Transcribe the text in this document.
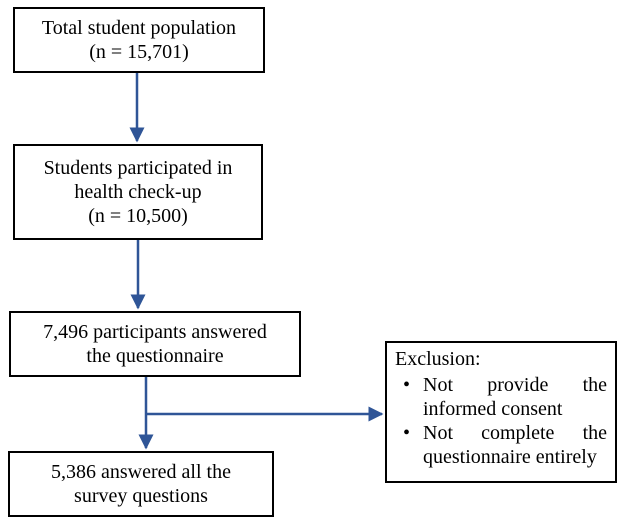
Total student population
(n = 15,701)
Students participated in
health check-up
(n = 10,500)
7,496 participants answered
the questionnaire
5,386 answered all the
survey questions
Exclusion:
• Not provide the
informed consent
• Not complete the
questionnaire entirely
